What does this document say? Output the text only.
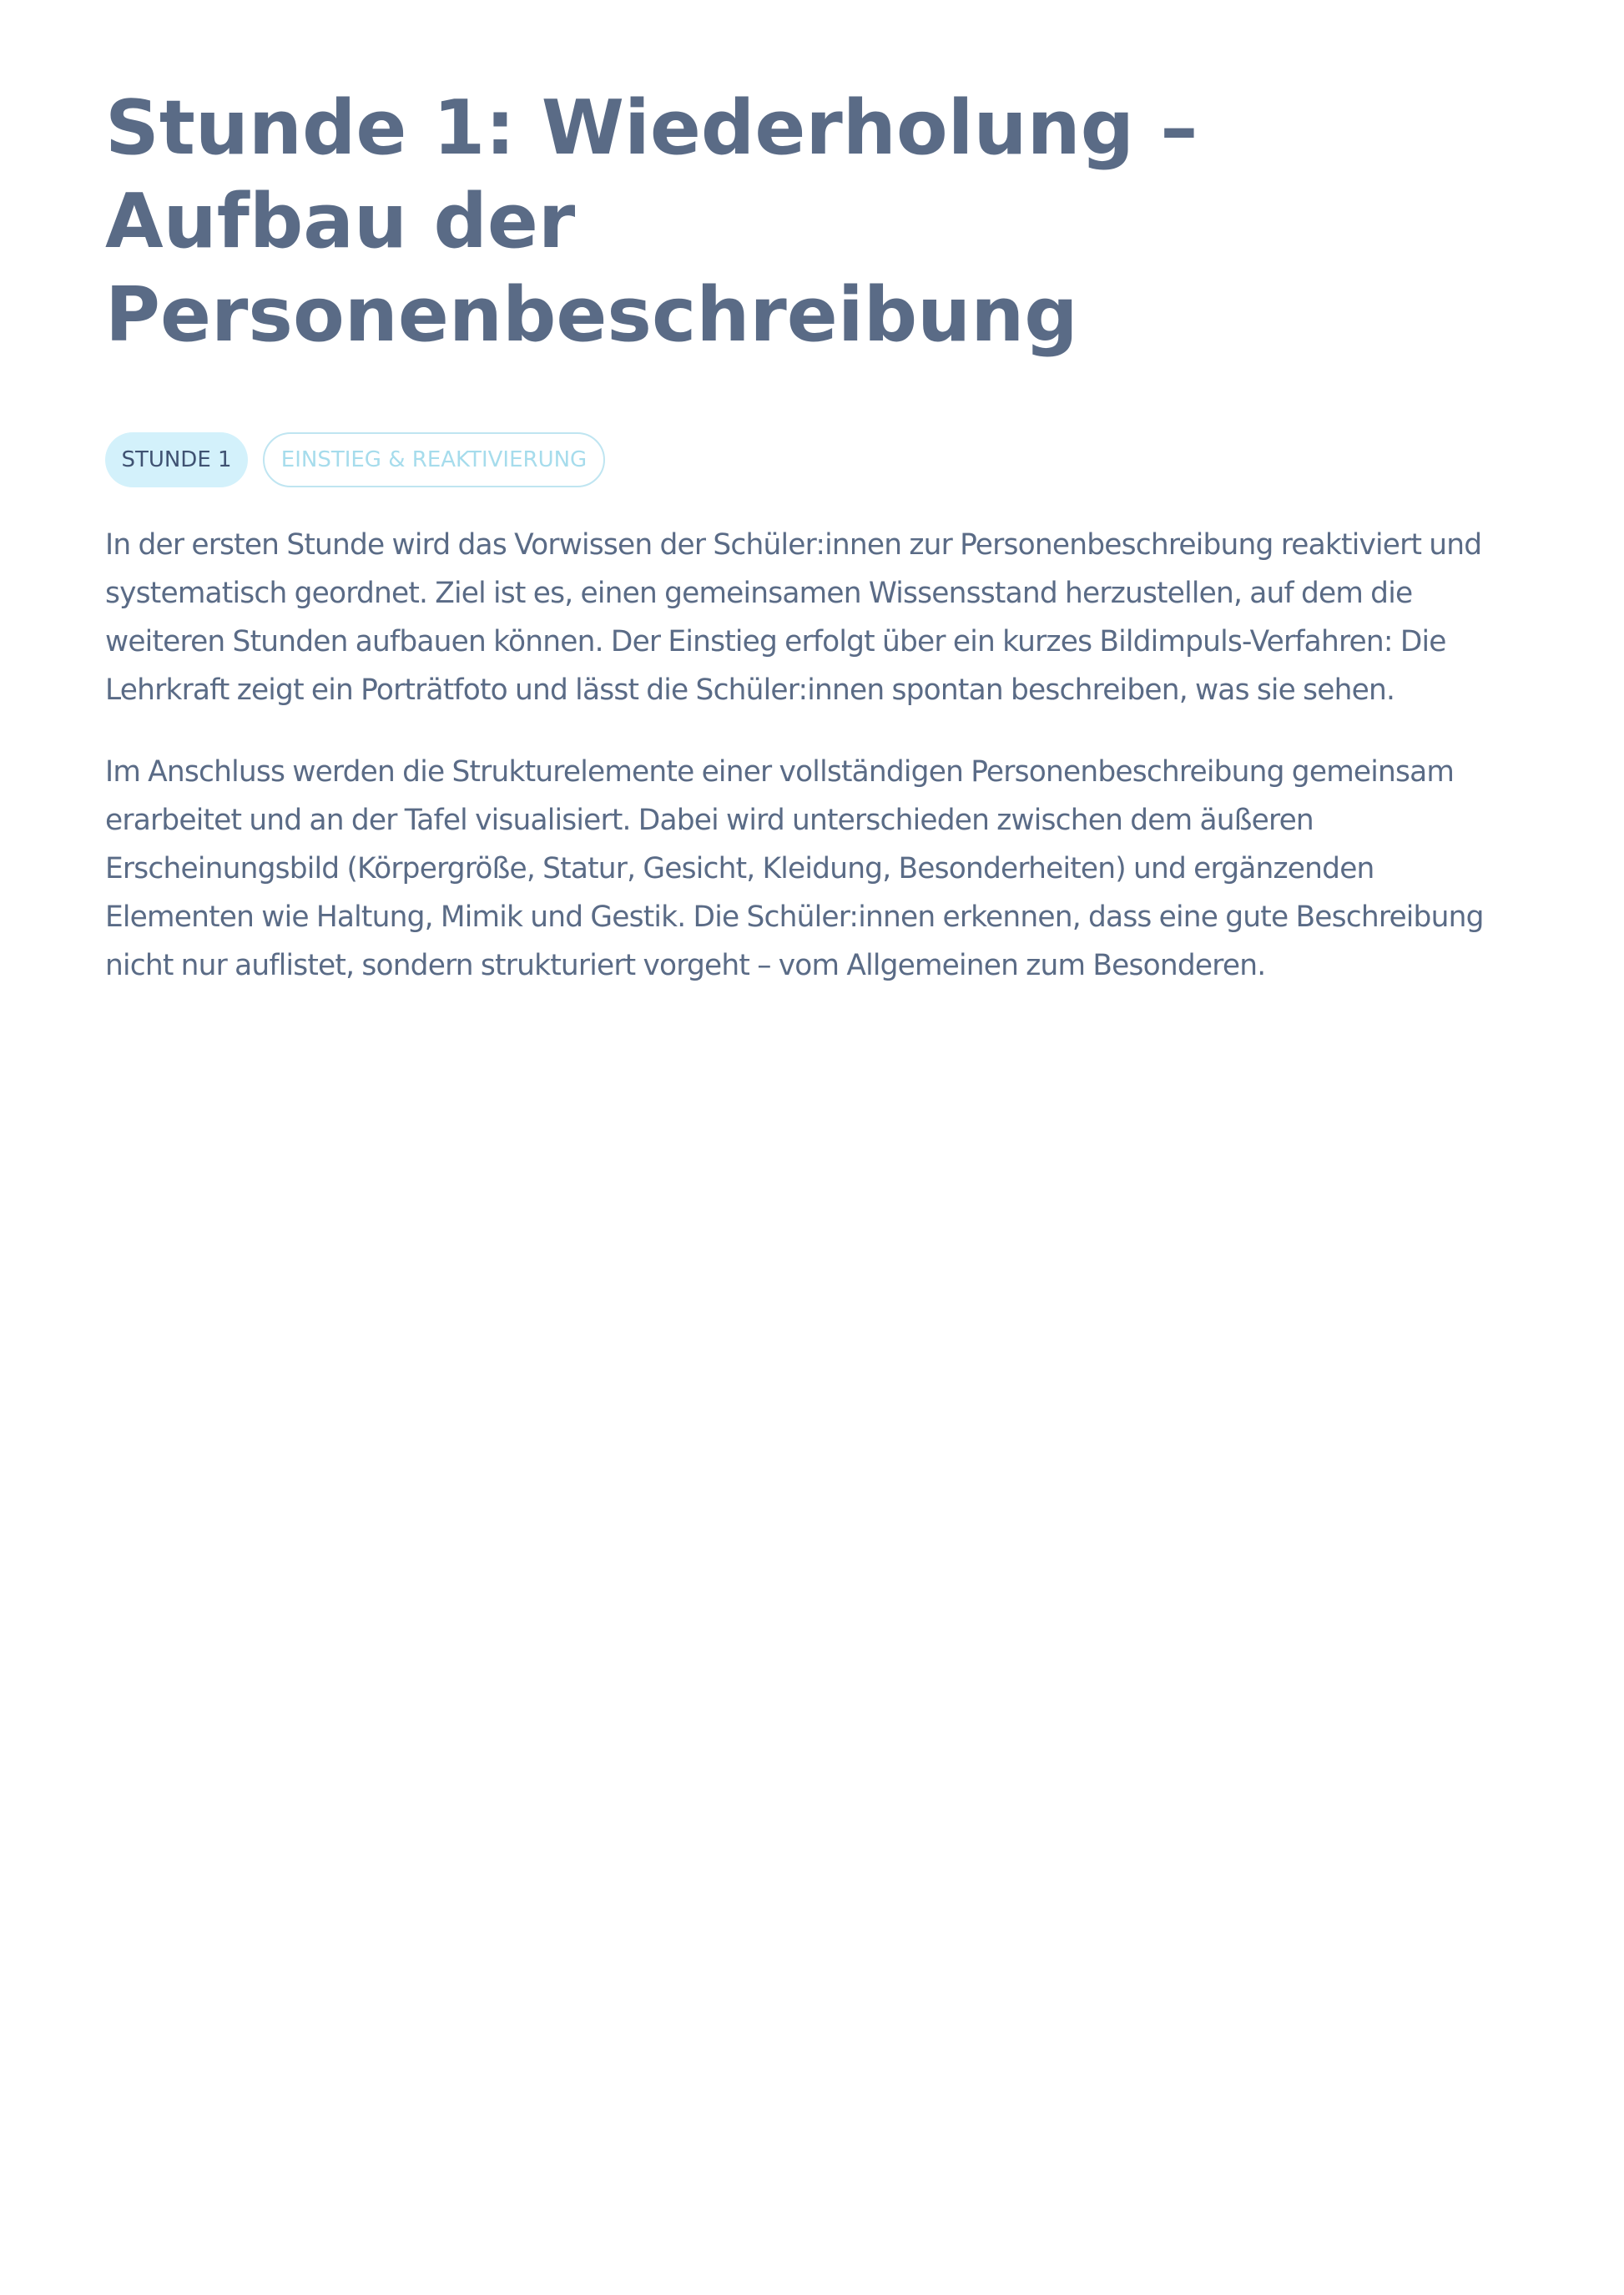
Stunde 1: Wiederholung – Aufbau der Personenbeschreibung
STUNDE 1	EINSTIEG & REAKTIVIERUNG

In der ersten Stunde wird das Vorwissen der Schüler:innen zur Personenbeschreibung reaktiviert und systematisch geordnet. Ziel ist es, einen gemeinsamen Wissensstand herzustellen, auf dem die weiteren Stunden aufbauen können. Der Einstieg erfolgt über ein kurzes Bildimpuls-Verfahren: Die Lehrkraft zeigt ein Porträtfoto und lässt die Schüler:innen spontan beschreiben, was sie sehen.

Im Anschluss werden die Strukturelemente einer vollständigen Personenbeschreibung gemeinsam erarbeitet und an der Tafel visualisiert. Dabei wird unterschieden zwischen dem äußeren Erscheinungsbild (Körpergröße, Statur, Gesicht, Kleidung, Besonderheiten) und ergänzenden Elementen wie Haltung, Mimik und Gestik. Die Schüler:innen erkennen, dass eine gute Beschreibung nicht nur auflistet, sondern strukturiert vorgeht – vom Allgemeinen zum Besonderen.
